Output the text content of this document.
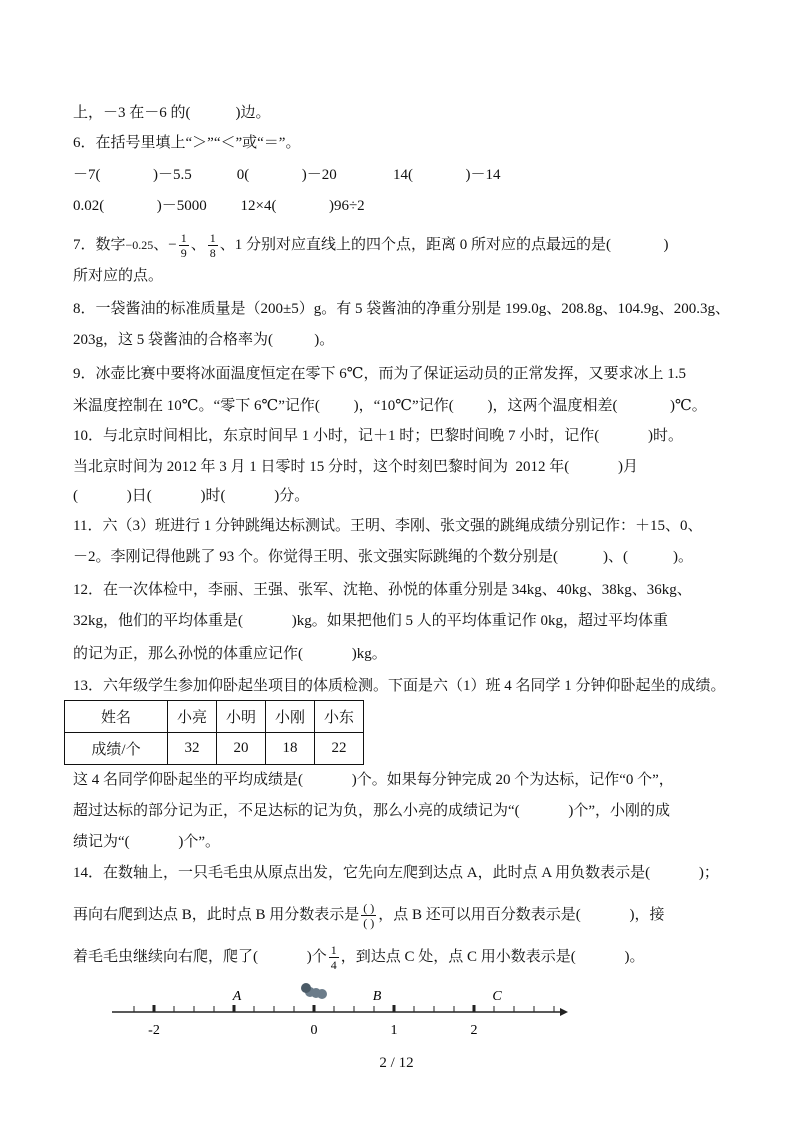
上，－3 在－6 的(            )边。
6．在括号里填上“＞”“＜”或“＝”。
－7(              )－5.5            0(              )－20               14(              )－14
0.02(              )－5000         12×4(              )96÷2
所对应的点。
8．一袋酱油的标准质量是（200±5）g。有 5 袋酱油的净重分别是 199.0g、208.8g、104.9g、200.3g、
203g，这 5 袋酱油的合格率为(           )。
9．冰壶比赛中要将冰面温度恒定在零下 6℃，而为了保证运动员的正常发挥，又要求冰上 1.5
米温度控制在 10℃。“零下 6℃”记作(         )，“10℃”记作(         )，这两个温度相差(              )℃。
10．与北京时间相比，东京时间早 1 小时，记＋1 时；巴黎时间晚 7 小时，记作(             )时。
当北京时间为 2012 年 3 月 1 日零时 15 分时，这个时刻巴黎时间为  2012 年(             )月
(             )日(             )时(             )分。
11．六（3）班进行 1 分钟跳绳达标测试。王明、李刚、张文强的跳绳成绩分别记作：＋15、0、
－2。李刚记得他跳了 93 个。你觉得王明、张文强实际跳绳的个数分别是(            )、(            )。
12．在一次体检中，李丽、王强、张军、沈艳、孙悦的体重分别是 34kg、40kg、38kg、36kg、
32kg，他们的平均体重是(             )kg。如果把他们 5 人的平均体重记作 0kg，超过平均体重
的记为正，那么孙悦的体重应记作(             )kg。
13．六年级学生参加仰卧起坐项目的体质检测。下面是六（1）班 4 名同学 1 分钟仰卧起坐的成绩。
这 4 名同学仰卧起坐的平均成绩是(             )个。如果每分钟完成 20 个为达标，记作“0 个”，
超过达标的部分记为正，不足达标的记为负，那么小亮的成绩记为“(             )个”，小刚的成
绩记为“(             )个”。
14．在数轴上，一只毛毛虫从原点出发，它先向左爬到达点 A，此时点 A 用负数表示是(             )；
7．数字−0.25、− $\frac{1}{9}$ 、 $\frac{1}{8}$ 、1 分别对应直线上的四个点，距离 0 所对应的点最远的是(              )
姓名	小亮	小明	小刚	小东
成绩/个	32	20	18	22
再向右爬到达点 B，此时点 B 用分数表示是 $\frac{( )}{( )}$ ，点 B 还可以用百分数表示是(             )，接
着毛毛虫继续向右爬，爬了(             )个 $\frac{1}{4}$ ，到达点 C 处，点 C 用小数表示是(             )。
-2	0	1	2
A	B	C
2 / 12
